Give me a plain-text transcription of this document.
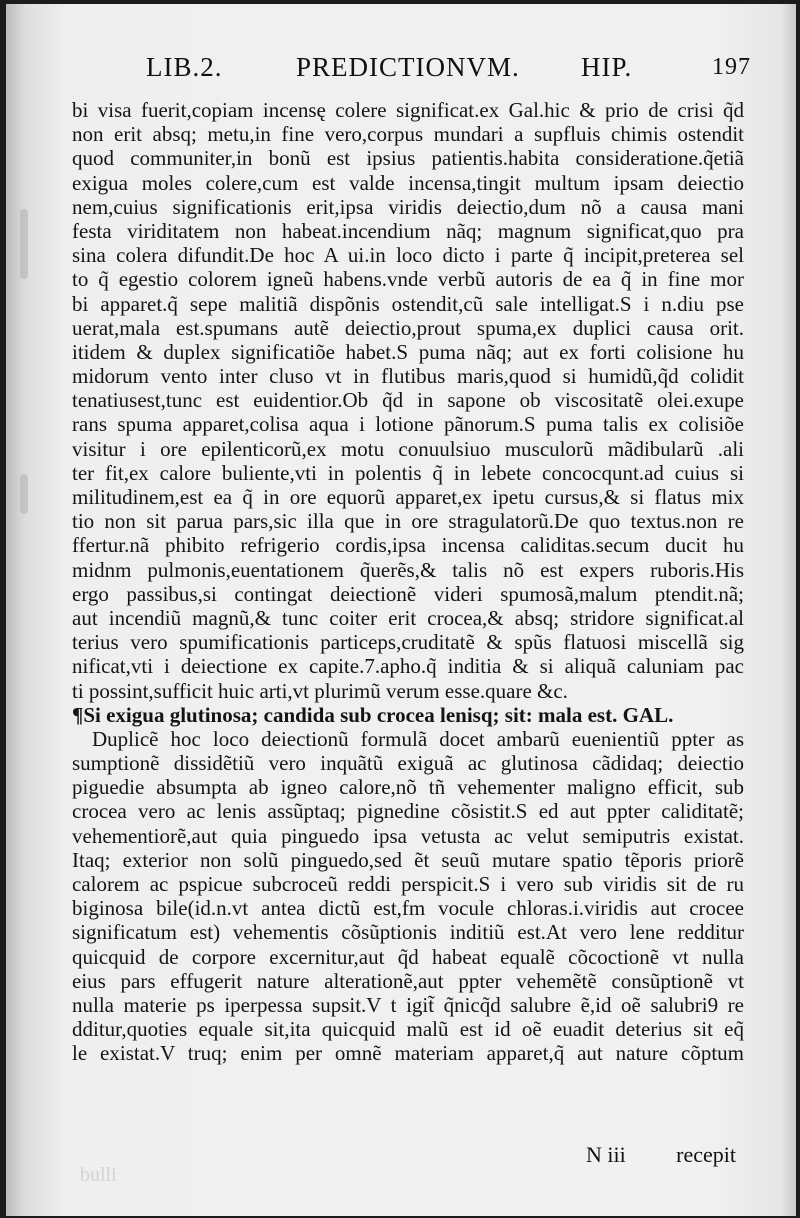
LIB.2.	PREDICTIONVM. HIP.	197
bi visa fuerit,copiam incensę colere significat.ex Gal.hic & prio de crisi q̃d
non erit absq; metu,in fine vero,corpus mundari a supfluis chimis ostendit
quod communiter,in bonũ est ipsius patientis.habita consideratione.q̃etiã
exigua moles colere,cum est valde incensa,tingit multum ipsam deiectio
nem,cuius significationis erit,ipsa viridis deiectio,dum nõ a causa mani
festa viriditatem non habeat.incendium nãq; magnum significat,quo pra
sina colera difundit.De hoc A ui.in loco dicto i parte q̃ incipit,preterea sel
to q̃ egestio colorem igneũ habens.vnde verbũ autoris de ea q̃ in fine mor
bi apparet.q̃ sepe malitiã dispõnis ostendit,cũ sale intelligat.S i n.diu pse
uerat,mala est.spumans autẽ deiectio,prout spuma,ex duplici causa orit.
itidem & duplex significatiõe habet.S puma nãq; aut ex forti colisione hu
midorum vento inter cluso vt in flutibus maris,quod si humidũ,q̃d colidit
tenatiusest,tunc est euidentior.Ob q̃d in sapone ob viscositatẽ olei.exupe
rans spuma apparet,colisa aqua i lotione pãnorum.S puma talis ex colisiõe
visitur i ore epilenticorũ,ex motu conuulsiuo musculorũ mãdibularũ .ali
ter fit,ex calore buliente,vti in polentis q̃ in lebete concocqunt.ad cuius si
militudinem,est ea q̃ in ore equorũ apparet,ex ipetu cursus,& si flatus mix
tio non sit parua pars,sic illa que in ore stragulatorũ.De quo textus.non re
ffertur.nã phibito refrigerio cordis,ipsa incensa caliditas.secum ducit hu
midnm pulmonis,euentationem q̃uerẽs,& talis nõ est expers ruboris.His
ergo passibus,si contingat deiectionẽ videri spumosã,malum ptendit.nã;
aut incendiũ magnũ,& tunc coiter erit crocea,& absq; stridore significat.al
terius vero spumificationis particeps,cruditatẽ & spũs flatuosi miscellã sig
nificat,vti i deiectione ex capite.7.apho.q̃ inditia & si aliquã caluniam pac
ti possint,sufficit huic arti,vt plurimũ verum esse.quare &c.
¶Si exigua glutinosa; candida sub crocea lenisq; sit: mala est. GAL.
Duplicẽ hoc loco deiectionũ formulã docet ambarũ euenientiũ ppter as
sumptionẽ dissidẽtiũ vero inquãtũ exiguã ac glutinosa cãdidaq; deiectio
piguedie absumpta ab igneo calore,nõ tñ vehementer maligno efficit, sub
crocea vero ac lenis assũptaq; pignedine cõsistit.S ed aut ppter caliditatẽ;
vehementiorẽ,aut quia pinguedo ipsa vetusta ac velut semiputris existat.
Itaq; exterior non solũ pinguedo,sed ẽt seuũ mutare spatio tẽporis priorẽ
calorem ac pspicue subcroceũ reddi perspicit.S i vero sub viridis sit de ru
biginosa bile(id.n.vt antea dictũ est,fm vocule chloras.i.viridis aut crocee
significatum est) vehementis cõsũptionis inditiũ est.At vero lene redditur
quicquid de corpore excernitur,aut q̃d habeat equalẽ cõcoctionẽ vt nulla
eius pars effugerit nature alterationẽ,aut ppter vehemẽtẽ consũptionẽ vt
nulla materie ps iperpessa supsit.V t igit̃ q̃nicq̃d salubre ẽ,id oẽ salubri9 re
dditur,quoties equale sit,ita quicquid malũ est id oẽ euadit deterius sit eq̃
le existat.V truq; enim per omnẽ materiam apparet,q̃ aut nature cõptum
bulli
N iii recepit
